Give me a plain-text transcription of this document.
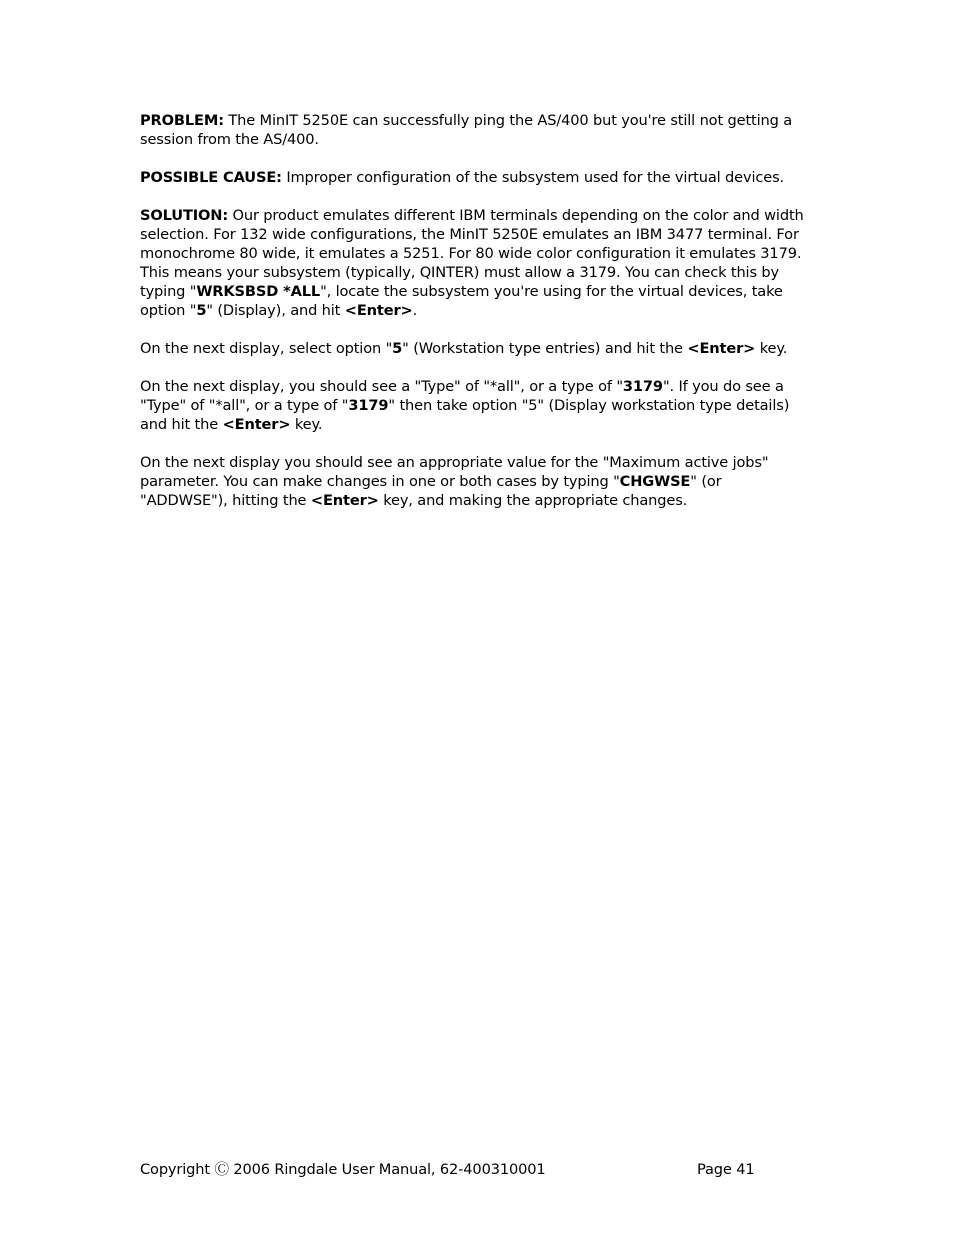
PROBLEM: The MinIT 5250E can successfully ping the AS/400 but you're still not getting a session from the AS/400.

POSSIBLE CAUSE: Improper configuration of the subsystem used for the virtual devices.

SOLUTION: Our product emulates different IBM terminals depending on the color and width selection. For 132 wide configurations, the MinIT 5250E emulates an IBM 3477 terminal. For monochrome 80 wide, it emulates a 5251. For 80 wide color configuration it emulates 3179. This means your subsystem (typically, QINTER) must allow a 3179. You can check this by typing "WRKSBSD *ALL", locate the subsystem you're using for the virtual devices, take option "5" (Display), and hit <Enter>.

On the next display, select option "5" (Workstation type entries) and hit the <Enter> key.

On the next display, you should see a "Type" of "*all", or a type of "3179". If you do see a "Type" of "*all", or a type of "3179" then take option "5" (Display workstation type details) and hit the <Enter> key.

On the next display you should see an appropriate value for the "Maximum active jobs" parameter. You can make changes in one or both cases by typing "CHGWSE" (or "ADDWSE"), hitting the <Enter> key, and making the appropriate changes.

Copyright Ⓒ 2006 Ringdale User Manual, 62-400310001	Page 41
